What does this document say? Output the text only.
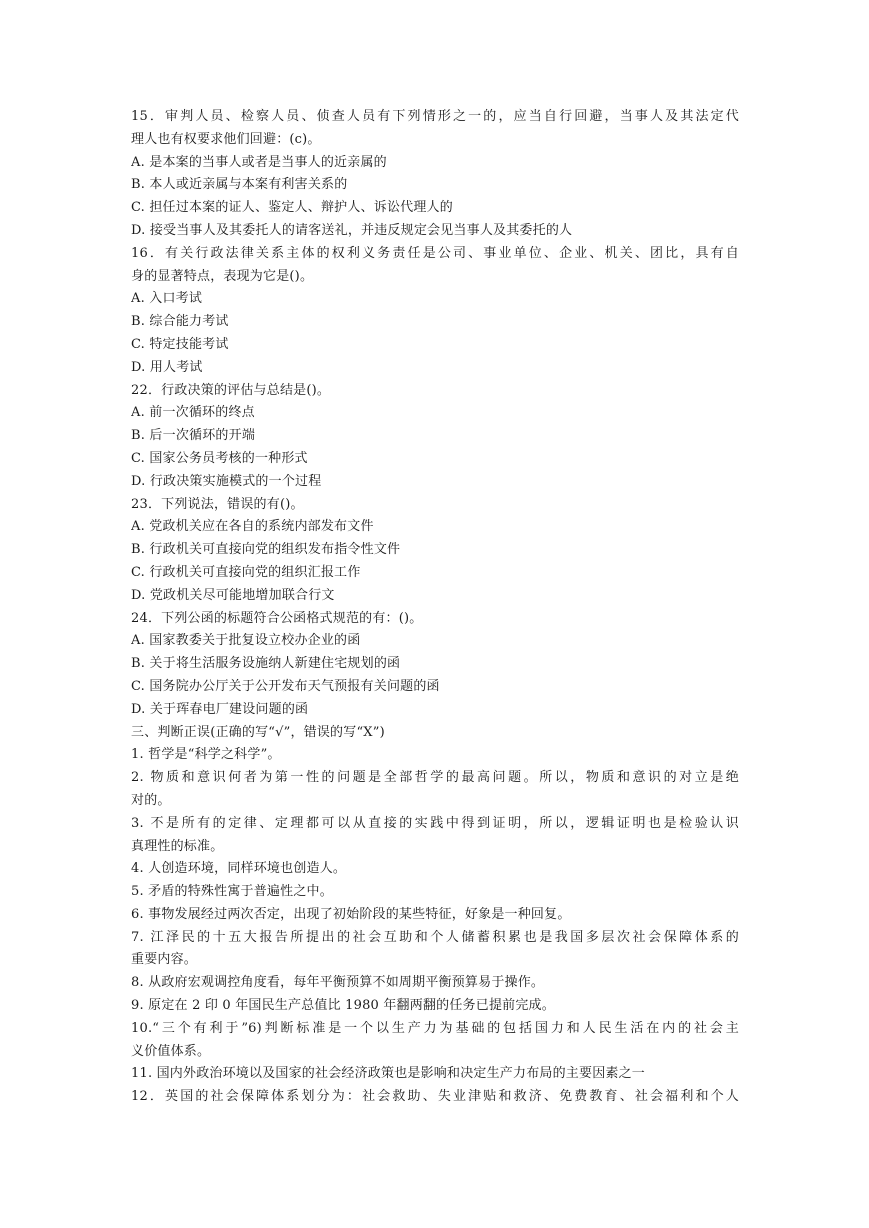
15．审判人员、检察人员、侦查人员有下列情形之一的，应当自行回避，当事人及其法定代
理人也有权要求他们回避：(c)。
A. 是本案的当事人或者是当事人的近亲属的
B. 本人或近亲属与本案有利害关系的
C. 担任过本案的证人、鉴定人、辩护人、诉讼代理人的
D. 接受当事人及其委托人的请客送礼，并违反规定会见当事人及其委托的人
16．有关行政法律关系主体的权利义务责任是公司、事业单位、企业、机关、团比，具有自
身的显著特点，表现为它是()。
A. 入口考试
B. 综合能力考试
C. 特定技能考试
D. 用人考试
22．行政决策的评估与总结是()。
A. 前一次循环的终点
B. 后一次循环的开端
C. 国家公务员考核的一种形式
D. 行政决策实施模式的一个过程
23．下列说法，错误的有()。
A. 党政机关应在各自的系统内部发布文件
B. 行政机关可直接向党的组织发布指令性文件
C. 行政机关可直接向党的组织汇报工作
D. 党政机关尽可能地增加联合行文
24．下列公函的标题符合公函格式规范的有：()。
A. 国家教委关于批复设立校办企业的函
B. 关于将生活服务设施纳人新建住宅规划的函
C. 国务院办公厅关于公开发布天气预报有关问题的函
D. 关于珲春电厂建设问题的函
三、判断正误(正确的写“√”，错误的写“X”)
1. 哲学是“科学之科学”。
2. 物质和意识何者为第一性的问题是全部哲学的最高问题。所以，物质和意识的对立是绝
对的。
3. 不是所有的定律、定理都可以从直接的实践中得到证明，所以，逻辑证明也是检验认识
真理性的标准。
4. 人创造环境，同样环境也创造人。
5. 矛盾的特殊性寓于普遍性之中。
6. 事物发展经过两次否定，出现了初始阶段的某些特征，好象是一种回复。
7. 江泽民的十五大报告所提出的社会互助和个人储蓄积累也是我国多层次社会保障体系的
重要内容。
8. 从政府宏观调控角度看，每年平衡预算不如周期平衡预算易于操作。
9. 原定在 2 印 0 年国民生产总值比 1980 年翻两翻的任务已提前完成。
10.“三个有利于”6)判断标准是一个以生产力为基础的包括国力和人民生活在内的社会主
义价值体系。
11. 国内外政治环境以及国家的社会经济政策也是影响和决定生产力布局的主要因素之一
12．英国的社会保障体系划分为：社会救助、失业津贴和救济、免费教育、社会福利和个人
